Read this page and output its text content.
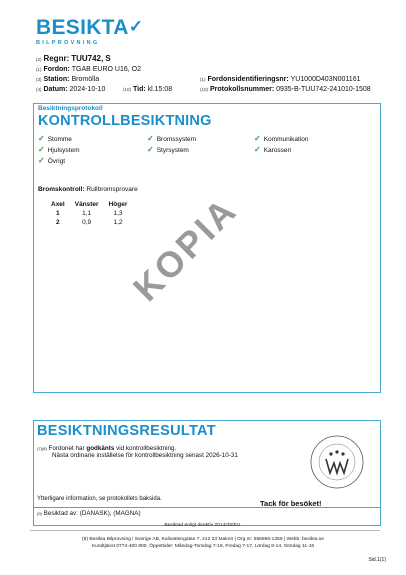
BESIKTA✓
BILPROVNING
(2) Regnr: TUU742, S
(1) Fordon: TGAB EURO U16, O2
(3) Station: Bromölla
(4) Datum: 2024-10-10	(10) Tid: kl.15:08
(1) Fordonsidentifieringsnr: YU1000D403N001161
(10) Protokollsnummer: 0935-B-TUU742-241010-1508
Besiktningsprotokoll
KONTROLLBESIKTNING
✓ Stomme	✓ Bromssystem	✓ Kommunikation
✓ Hjulsystem	✓ Styrsystem	✓ Karosseri
✓ Övrigt
Bromskontroll: Rullbromsprovare
Axel	Vänster	Höger
1	1,1	1,3
2	0,9	1,2 KOPIA
BESIKTNINGSRESULTAT
(7)(8) Fordonet har godkänts vid kontrollbesiktning.
Nästa ordinarie inställelse för kontrollbesiktning senast 2026-10-31
Ytterligare information, se protokollets baksida.	Tack för besöket!
(9) Besiktad av: (DANASK), (MAGNA)
Besiktad enligt direktiv 2014/45/EU.
(9) Besikta Bilprovning i Sverige AB, Kalivattengatan 7, 212 23 Malmö | Org.nr: 556865-1359 | Webb: besikta.se
Kundtjänst 0774-400 800, Öppettider: Måndag-Torsdag 7-18, Fredag 7-17, Lördag 8-14, Söndag 11-16
Sid.1(1)
